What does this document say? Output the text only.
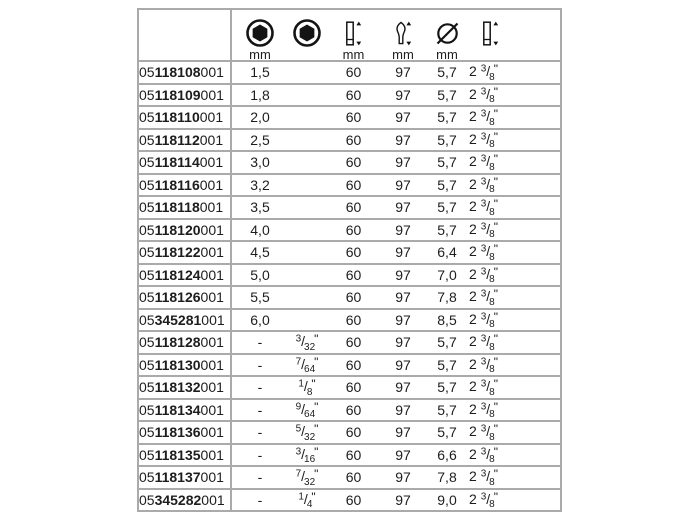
	mm		mm	mm	mm

05118108001	1,5		60	97	5,7	2 $^3/_8$"
05118109001	1,8		60	97	5,7	2 $^3/_8$"
05118110001	2,0		60	97	5,7	2 $^3/_8$"
05118112001	2,5		60	97	5,7	2 $^3/_8$"
05118114001	3,0		60	97	5,7	2 $^3/_8$"
05118116001	3,2		60	97	5,7	2 $^3/_8$"
05118118001	3,5		60	97	5,7	2 $^3/_8$"
05118120001	4,0		60	97	5,7	2 $^3/_8$"
05118122001	4,5		60	97	6,4	2 $^3/_8$"
05118124001	5,0		60	97	7,0	2 $^3/_8$"
05118126001	5,5		60	97	7,8	2 $^3/_8$"
05345281001	6,0		60	97	8,5	2 $^3/_8$"
05118128001	-	$^3/_{32}$"	60	97	5,7	2 $^3/_8$"
05118130001	-	$^7/_{64}$"	60	97	5,7	2 $^3/_8$"
05118132001	-	$^1/_8$"	60	97	5,7	2 $^3/_8$"
05118134001	-	$^9/_{64}$"	60	97	5,7	2 $^3/_8$"
05118136001	-	$^5/_{32}$"	60	97	5,7	2 $^3/_8$"
05118135001	-	$^3/_{16}$"	60	97	6,6	2 $^3/_8$"
05118137001	-	$^7/_{32}$"	60	97	7,8	2 $^3/_8$"
05345282001	-	$^1/_4$"	60	97	9,0	2 $^3/_8$"
